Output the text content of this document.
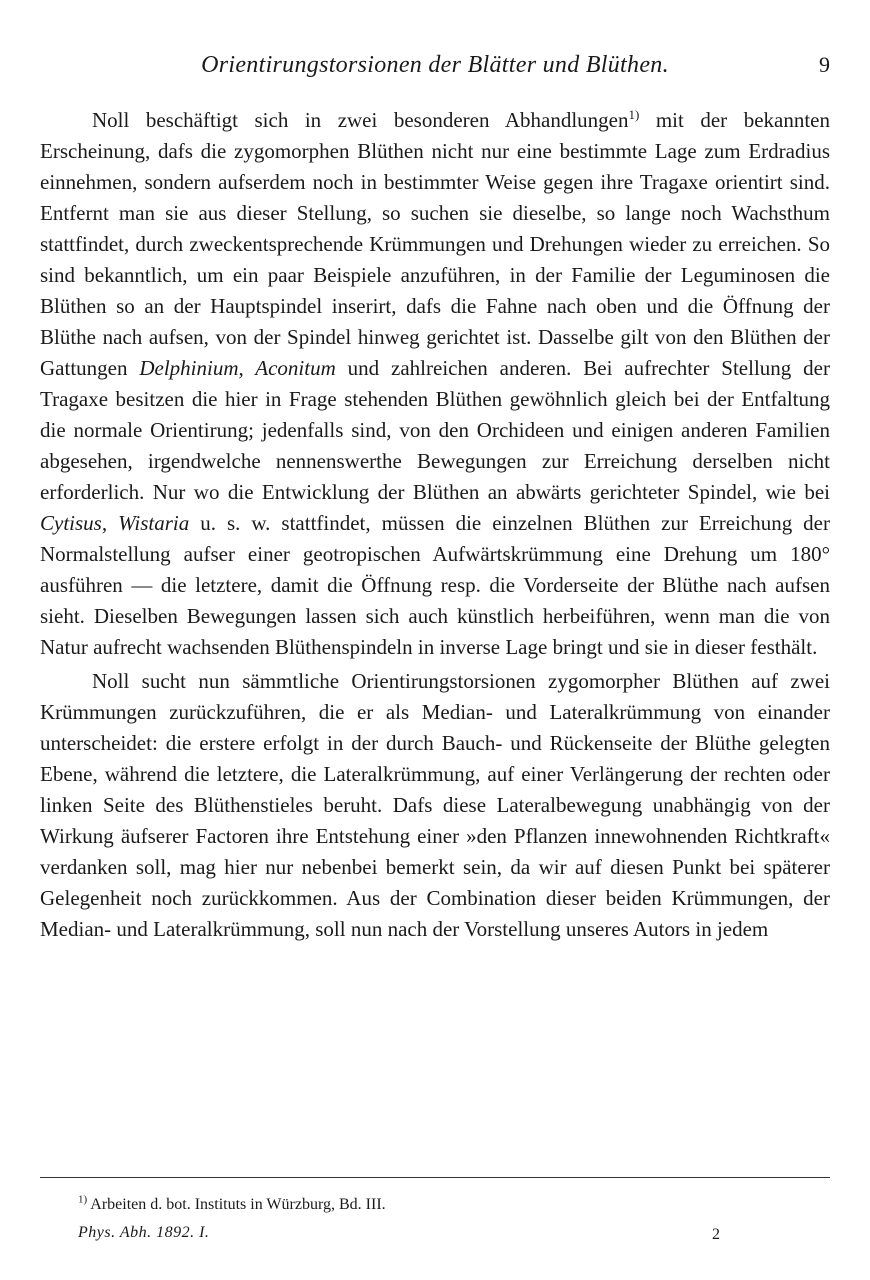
Orientirungstorsionen der Blätter und Blüthen.	9

Noll beschäftigt sich in zwei besonderen Abhandlungen$^{1)}$ mit der bekannten Erscheinung, dafs die zygomorphen Blüthen nicht nur eine bestimmte Lage zum Erdradius einnehmen, sondern aufserdem noch in bestimmter Weise gegen ihre Tragaxe orientirt sind. Entfernt man sie aus dieser Stellung, so suchen sie dieselbe, so lange noch Wachsthum stattfindet, durch zweckentsprechende Krümmungen und Drehungen wieder zu erreichen. So sind bekanntlich, um ein paar Beispiele anzuführen, in der Familie der Leguminosen die Blüthen so an der Hauptspindel inserirt, dafs die Fahne nach oben und die Öffnung der Blüthe nach aufsen, von der Spindel hinweg gerichtet ist. Dasselbe gilt von den Blüthen der Gattungen Delphinium, Aconitum und zahlreichen anderen. Bei aufrechter Stellung der Tragaxe besitzen die hier in Frage stehenden Blüthen gewöhnlich gleich bei der Entfaltung die normale Orientirung; jedenfalls sind, von den Orchideen und einigen anderen Familien abgesehen, irgendwelche nennenswerthe Bewegungen zur Erreichung derselben nicht erforderlich. Nur wo die Entwicklung der Blüthen an abwärts gerichteter Spindel, wie bei Cytisus, Wistaria u. s. w. stattfindet, müssen die einzelnen Blüthen zur Erreichung der Normalstellung aufser einer geotropischen Aufwärtskrümmung eine Drehung um 180° ausführen — die letztere, damit die Öffnung resp. die Vorderseite der Blüthe nach aufsen sieht. Dieselben Bewegungen lassen sich auch künstlich herbeiführen, wenn man die von Natur aufrecht wachsenden Blüthenspindeln in inverse Lage bringt und sie in dieser festhält.

Noll sucht nun sämmtliche Orientirungstorsionen zygomorpher Blüthen auf zwei Krümmungen zurückzuführen, die er als Median- und Lateralkrümmung von einander unterscheidet: die erstere erfolgt in der durch Bauch- und Rückenseite der Blüthe gelegten Ebene, während die letztere, die Lateralkrümmung, auf einer Verlängerung der rechten oder linken Seite des Blüthenstieles beruht. Dafs diese Lateralbewegung unabhängig von der Wirkung äufserer Factoren ihre Entstehung einer »den Pflanzen innewohnenden Richtkraft« verdanken soll, mag hier nur nebenbei bemerkt sein, da wir auf diesen Punkt bei späterer Gelegenheit noch zurückkommen. Aus der Combination dieser beiden Krümmungen, der Median- und Lateralkrümmung, soll nun nach der Vorstellung unseres Autors in jedem

$^{1)}$ Arbeiten d. bot. Instituts in Würzburg, Bd. III.
Phys. Abh. 1892. I.	2
